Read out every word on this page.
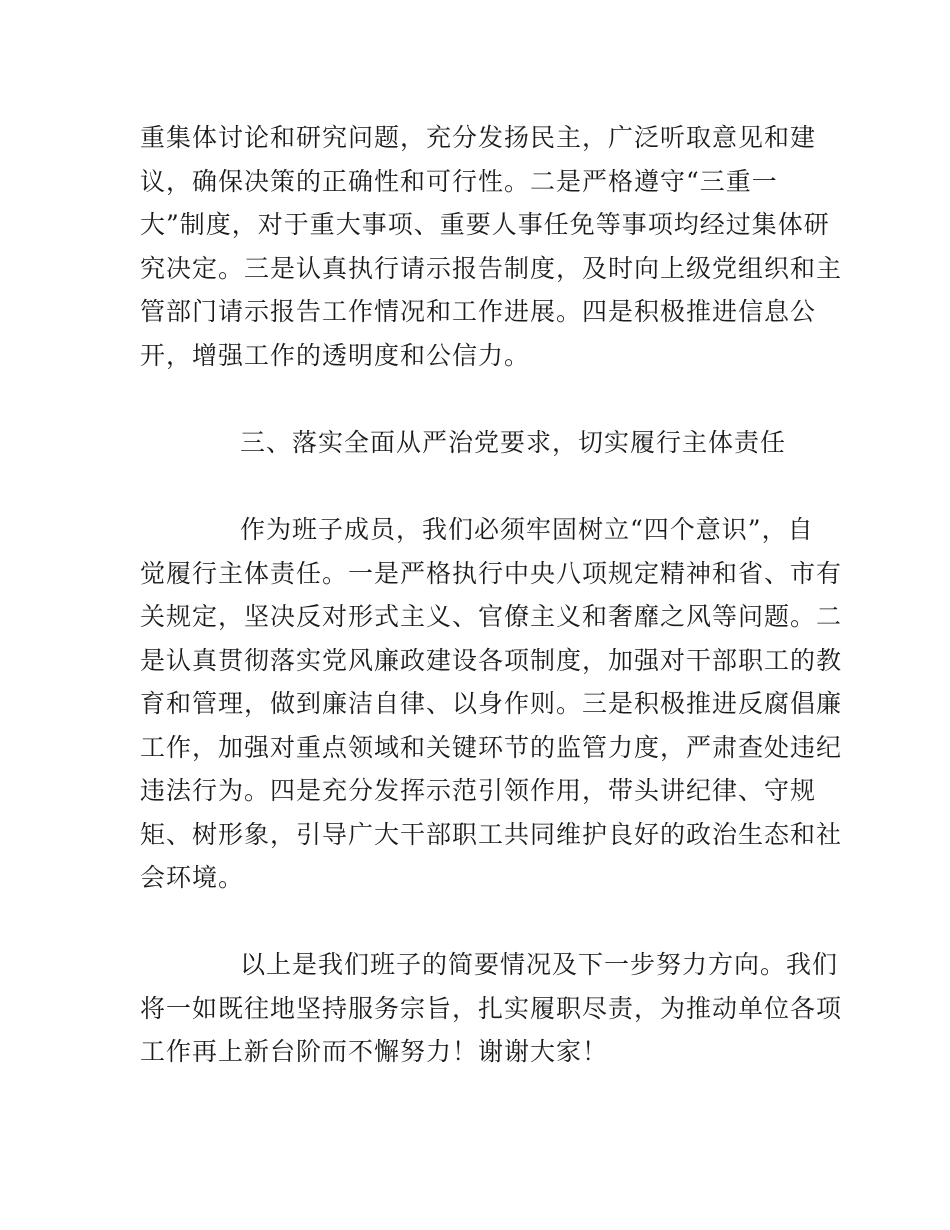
重集体讨论和研究问题，充分发扬民主，广泛听取意见和建
议，确保决策的正确性和可行性。二是严格遵守“三重一
大”制度，对于重大事项、重要人事任免等事项均经过集体研
究决定。三是认真执行请示报告制度，及时向上级党组织和主
管部门请示报告工作情况和工作进展。四是积极推进信息公
开，增强工作的透明度和公信力。
三、落实全面从严治党要求，切实履行主体责任
作为班子成员，我们必须牢固树立“四个意识”，自
觉履行主体责任。一是严格执行中央八项规定精神和省、市有
关规定，坚决反对形式主义、官僚主义和奢靡之风等问题。二
是认真贯彻落实党风廉政建设各项制度，加强对干部职工的教
育和管理，做到廉洁自律、以身作则。三是积极推进反腐倡廉
工作，加强对重点领域和关键环节的监管力度，严肃查处违纪
违法行为。四是充分发挥示范引领作用，带头讲纪律、守规
矩、树形象，引导广大干部职工共同维护良好的政治生态和社
会环境。
以上是我们班子的简要情况及下一步努力方向。我们
将一如既往地坚持服务宗旨，扎实履职尽责，为推动单位各项
工作再上新台阶而不懈努力！谢谢大家！
